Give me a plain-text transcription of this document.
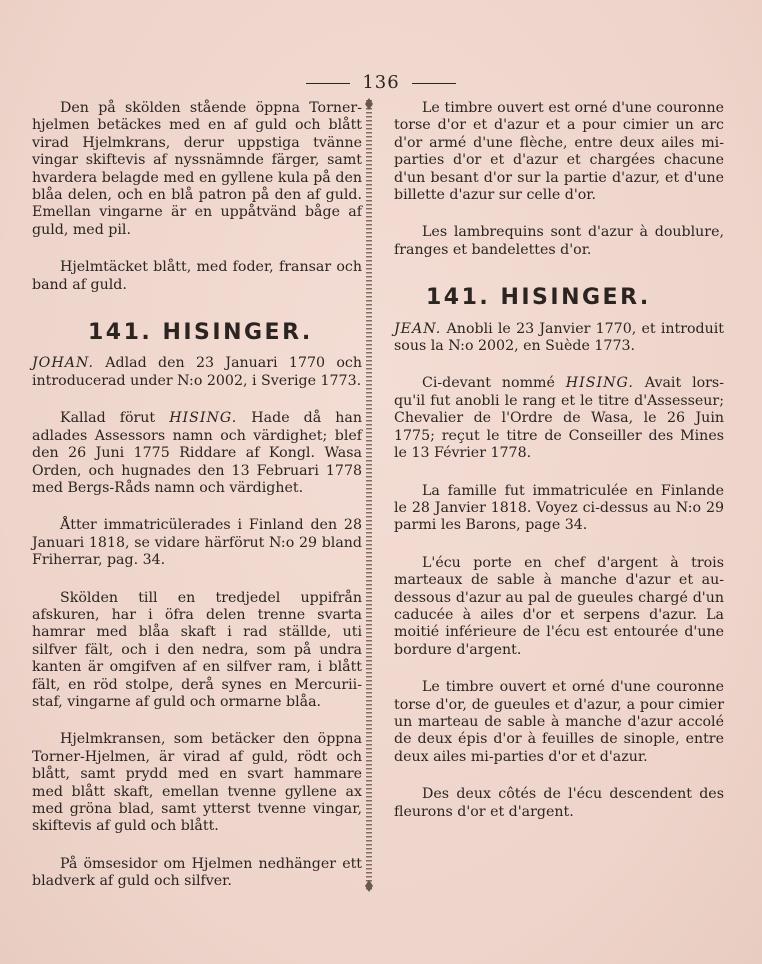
136

Den på skölden stående öppna Torner-hjelmen betäckes med en af guld och blått virad Hjelmkrans, derur uppstiga tvänne vingar skiftevis af nyssnämnde färger, samt hvardera belagde med en gyllene kula på den blåa delen, och en blå patron på den af guld. Emellan vingarne är en uppåtvänd båge af guld, med pil.

Hjelmtäcket blått, med foder, fransar och band af guld.

141. HISINGER.

JOHAN. Adlad den 23 Januari 1770 och introducerad under N:o 2002, i Sverige 1773.

Kallad förut HISING. Hade då han adlades Assessors namn och värdighet; blef den 26 Juni 1775 Riddare af Kongl. Wasa Orden, och hugnades den 13 Februari 1778 med Bergs-Råds namn och värdighet.

Åtter immatricülerades i Finland den 28 Januari 1818, se vidare härförut N:o 29 bland Friherrar, pag. 34.

Skölden till en tredjedel uppifrån afskuren, har i öfra delen trenne svarta hamrar med blåa skaft i rad ställde, uti silfver fält, och i den nedra, som på undra kanten är omgifven af en silfver ram, i blått fält, en röd stolpe, derå synes en Mercurii-staf, vingarne af guld och ormarne blåa.

Hjelmkransen, som betäcker den öppna Torner-Hjelmen, är virad af guld, rödt och blått, samt prydd med en svart hammare med blått skaft, emellan tvenne gyllene ax med gröna blad, samt ytterst tvenne vingar, skiftevis af guld och blått.

På ömsesidor om Hjelmen nedhänger ett bladverk af guld och silfver.

Le timbre ouvert est orné d'une couronne torse d'or et d'azur et a pour cimier un arc d'or armé d'une flèche, entre deux ailes mi-parties d'or et d'azur et chargées chacune d'un besant d'or sur la partie d'azur, et d'une billette d'azur sur celle d'or.

Les lambrequins sont d'azur à doublure, franges et bandelettes d'or.

141. HISINGER.

JEAN. Anobli le 23 Janvier 1770, et introduit sous la N:o 2002, en Suède 1773.

Ci-devant nommé HISING. Avait lors-qu'il fut anobli le rang et le titre d'Assesseur; Chevalier de l'Ordre de Wasa, le 26 Juin 1775; reçut le titre de Conseiller des Mines le 13 Février 1778.

La famille fut immatriculée en Finlande le 28 Janvier 1818. Voyez ci-dessus au N:o 29 parmi les Barons, page 34.

L'écu porte en chef d'argent à trois marteaux de sable à manche d'azur et au-dessous d'azur au pal de gueules chargé d'un caducée à ailes d'or et serpens d'azur. La moitié inférieure de l'écu est entourée d'une bordure d'argent.

Le timbre ouvert et orné d'une couronne torse d'or, de gueules et d'azur, a pour cimier un marteau de sable à manche d'azur accolé de deux épis d'or à feuilles de sinople, entre deux ailes mi-parties d'or et d'azur.

Des deux côtés de l'écu descendent des fleurons d'or et d'argent.
